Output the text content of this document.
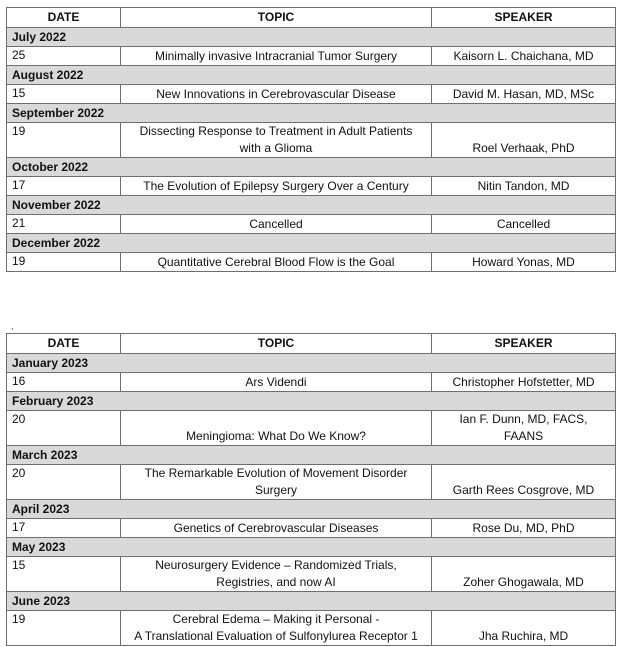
DATE	TOPIC	SPEAKER
July 2022		
25	Minimally invasive Intracranial Tumor Surgery	Kaisorn L. Chaichana, MD
August 2022		
15	New Innovations in Cerebrovascular Disease	David M. Hasan, MD, MSc
September 2022		
19	Dissecting Response to Treatment in Adult Patients
with a Glioma	Roel Verhaak, PhD
October 2022		
17	The Evolution of Epilepsy Surgery Over a Century	Nitin Tandon, MD
November 2022		
21	Cancelled	Cancelled
December 2022		
19	Quantitative Cerebral Blood Flow is the Goal	Howard Yonas, MD
,
DATE	TOPIC	SPEAKER
January 2023		
16	Ars Videndi	Christopher Hofstetter, MD
February 2023		
20	Meningioma: What Do We Know?	Ian F. Dunn, MD, FACS,
FAANS

March 2023		
20	The Remarkable Evolution of Movement Disorder
Surgery	Garth Rees Cosgrove, MD
April 2023		
17	Genetics of Cerebrovascular Diseases	Rose Du, MD, PhD
May 2023		
15	Neurosurgery Evidence – Randomized Trials,
Registries, and now AI	Zoher Ghogawala, MD
June 2023		
19	Cerebral Edema – Making it Personal -
A Translational Evaluation of Sulfonylurea Receptor 1	Jha Ruchira, MD
